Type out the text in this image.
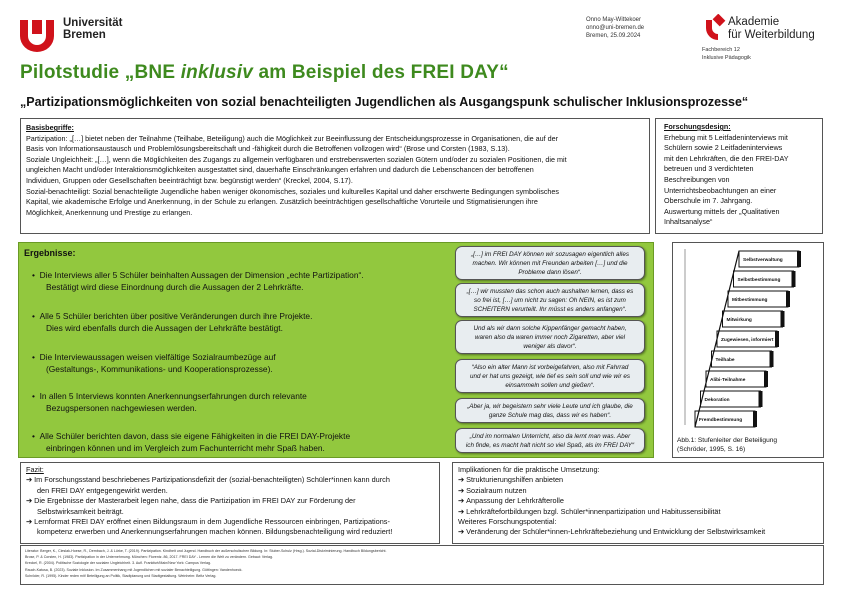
Universität
Bremen
Onno May-Wittekoer
onno@uni-bremen.de
Bremen, 25.09.2024
Akademie
für Weiterbildung
Fachbereich 12
Inklusive Pädagogik
Pilotstudie „BNE inklusiv am Beispiel des FREI DAY“
„Partizipationsmöglichkeiten von sozial benachteiligten Jugendlichen als Ausgangspunk schulischer Inklusionsprozesse“
Basisbegriffe:
Partizipation: „[…] bietet neben der Teilnahme (Teilhabe, Beteiligung) auch die Möglichkeit zur Beeinflussung der Entscheidungsprozesse in Organisationen, die auf der
Basis von Informationsaustausch und Problemlösungsbereitschaft und -fähigkeit durch die Betroffenen vollzogen wird“ (Brose und Corsten (1983, S.13).
Soziale Ungleichheit: „[…], wenn die Möglichkeiten des Zugangs zu allgemein verfügbaren und erstrebenswerten sozialen Gütern und/oder zu sozialen Positionen, die mit
ungleichen Macht und/oder Interaktionsmöglichkeiten ausgestattet sind, dauerhafte Einschränkungen erfahren und dadurch die Lebenschancen der betroffenen
Individuen, Gruppen oder Gesellschaften beeinträchtigt bzw. begünstigt werden“ (Kreckel, 2004, S.17).
Sozial-benachteiligt: Sozial benachteiligte Jugendliche haben weniger ökonomisches, soziales und kulturelles Kapital und daher erschwerte Bedingungen symbolisches
Kapital, wie akademische Erfolge und Anerkennung, in der Schule zu erlangen. Zusätzlich beeinträchtigen gesellschaftliche Vorurteile und Stigmatisierungen ihre
Möglichkeit, Anerkennung und Prestige zu erlangen.
Forschungsdesign:
Erhebung mit 5 Leitfadeninterviews mit
Schülern sowie 2 Leitfadeninterviews
mit den Lehrkräften, die den FREI-DAY
betreuen und 3 verdichteten
Beschreibungen von
Unterrichtsbeobachtungen an einer
Oberschule im 7. Jahrgang.
Auswertung mittels der „Qualitativen
Inhaltsanalyse“
Ergebnisse:
•  Die Interviews aller 5 Schüler beinhalten Aussagen der Dimension „echte Partizipation“.
Bestätigt wird diese Einordnung durch die Aussagen der 2 Lehrkräfte.
•  Alle 5 Schüler berichten über positive Veränderungen durch ihre Projekte.
Dies wird ebenfalls durch die Aussagen der Lehrkräfte bestätigt.
•  Die Interviewaussagen weisen vielfältige Sozialraumbezüge auf
(Gestaltungs-, Kommunikations- und Kooperationsprozesse).
•  In allen 5 Interviews konnten Anerkennungserfahrungen durch relevante
Bezugspersonen nachgewiesen werden.
•  Alle Schüler berichten davon, dass sie eigene Fähigkeiten in die FREI DAY-Projekte
einbringen können und im Vergleich zum Fachunterricht mehr Spaß haben.
„[…] im FREI DAY können wir sozusagen eigentlich alles
machen. Wir können mit Freunden arbeiten […] und die
Probleme dann lösen“.
„[…] wir mussten das schon auch aushalten lernen, dass es
so frei ist, […] um nicht zu sagen: Oh NEIN, es ist zum
SCHEITERN verurteilt. Ihr müsst es anders anfangen“.
Und als wir dann solche Kippenfänger gemacht haben,
waren also da waren immer noch Zigaretten, aber viel
weniger als davor“.
“Also ein alter Mann ist vorbeigefahren, also mit Fahrrad
und er hat uns gezeigt, wie tief es sein soll und wie wir es
einsammeln sollen und gießen“.
„Aber ja, wir begeistern sehr viele Leute und ich glaube, die
ganze Schule mag das, dass wir es haben“.
„Und im normalen Unterricht, also da lernt man was. Aber
ich finde, es macht halt nicht so viel Spaß, als im FREI DAY“
Selbstverwaltung
Selbstbestimmung
Mitbestimmung
Mitwirkung
Zugewiesen, informiert
Teilhabe
Alibi-Teilnahme
Dekoration
Fremdbestimmung
Abb.1: Stufenleiter der Beteiligung
(Schröder, 1995, S. 16)
Fazit:
➔ Im Forschungsstand beschriebenes Partizipationsdefizit der (sozial-benachteiligten) Schüler*innen kann durch
den FREI DAY entgegengewirkt werden.
➔ Die Ergebnisse der Masterarbeit legen nahe, dass die Partizipation im FREI DAY zur Förderung der
Selbstwirksamkeit beiträgt.
➔ Lernformat FREI DAY eröffnet einen Bildungsraum in dem Jugendliche Ressourcen einbringen, Partizipations-
kompetenz erwerben und Anerkennungserfahrungen machen können. Bildungsbenachteiligung wird reduziert!
Implikationen für die praktische Umsetzung:
➔ Strukturierungshilfen anbieten
➔ Sozialraum nutzen
➔ Anpassung der Lehrkräfterolle
➔ Lehrkräftefortbildungen bzgl. Schüler*innenpartizipation und Habitussensibilität
Weiteres Forschungspotential:
➔ Veränderung der Schüler*innen-Lehrkräftebeziehung und Entwicklung der Selbstwirksamkeit
Literatur: Berger, K., Cieslak-Hoese, R., Dernbach, J. & Lürke, T. (2019). Partizipation. Kindheit und Jugend. Handbuch der außerschulischen Bildung. In: Stuber-Schulz (Hrsg.). Sozial-Diskriminierung. Handbuch Bildungsbericht.
Brose, P. & Corsten, H. (1983). Partizipation in der Unternehmung. München: Florentz. 86, 2017. FREI DAY - Lernen die Welt zu verändern. Gebaut: Verlag.
Kreckel, R. (2004). Politische Soziologie der sozialen Ungleichheit. 3. Aufl. Frankfurt/Main/New York: Campus Verlag.
Rauch-Katusa, B. (2023). Soziale Inklusion. Im Zusammenhang mit Jugendlichen mit sozialer Benachteiligung. Göttingen: Vandenhoeck.
Schröder, R. (1995). Kinder reden mit! Beteiligung an Politik, Stadtplanung und Stadtgestaltung. Weinheim: Beltz Verlag.
